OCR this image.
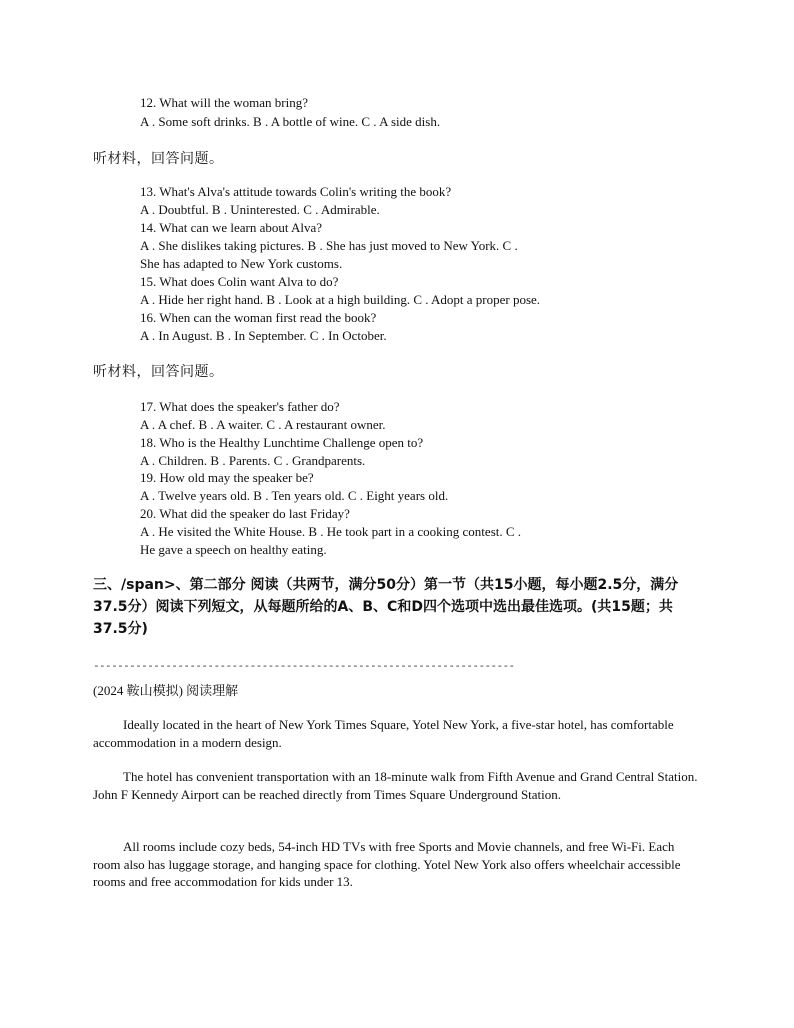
12. What will the woman bring?
A . Some soft drinks. B . A bottle of wine. C . A side dish.
听材料，回答问题。
13. What's Alva's attitude towards Colin's writing the book?
A . Doubtful. B . Uninterested. C . Admirable.
14. What can we learn about Alva?
A . She dislikes taking pictures. B . She has just moved to New York. C .
She has adapted to New York customs.
15. What does Colin want Alva to do?
A . Hide her right hand. B . Look at a high building. C . Adopt a proper pose.
16. When can the woman first read the book?
A . In August. B . In September. C . In October.
听材料，回答问题。
17. What does the speaker's father do?
A . A chef. B . A waiter. C . A restaurant owner.
18. Who is the Healthy Lunchtime Challenge open to?
A . Children. B . Parents. C . Grandparents.
19. How old may the speaker be?
A . Twelve years old. B . Ten years old. C . Eight years old.
20. What did the speaker do last Friday?
A . He visited the White House. B . He took part in a cooking contest. C .
He gave a speech on healthy eating.
三、/span>、第二部分 阅读（共两节，满分50分）第一节（共15小题，每小题2.5分，满分37.5分）阅读下列短文，从每题所给的A、B、C和D四个选项中选出最佳选项。(共15题；共37.5分)
----------------------------------------------------------------------
(2024 鞍山模拟) 阅读理解
Ideally located in the heart of New York Times Square, Yotel New York, a five-star hotel, has comfortable accommodation in a modern design.
The hotel has convenient transportation with an 18-minute walk from Fifth Avenue and Grand Central Station. John F Kennedy Airport can be reached directly from Times Square Underground Station.
All rooms include cozy beds, 54-inch HD TVs with free Sports and Movie channels, and free Wi-Fi. Each room also has luggage storage, and hanging space for clothing. Yotel New York also offers wheelchair accessible rooms and free accommodation for kids under 13.
